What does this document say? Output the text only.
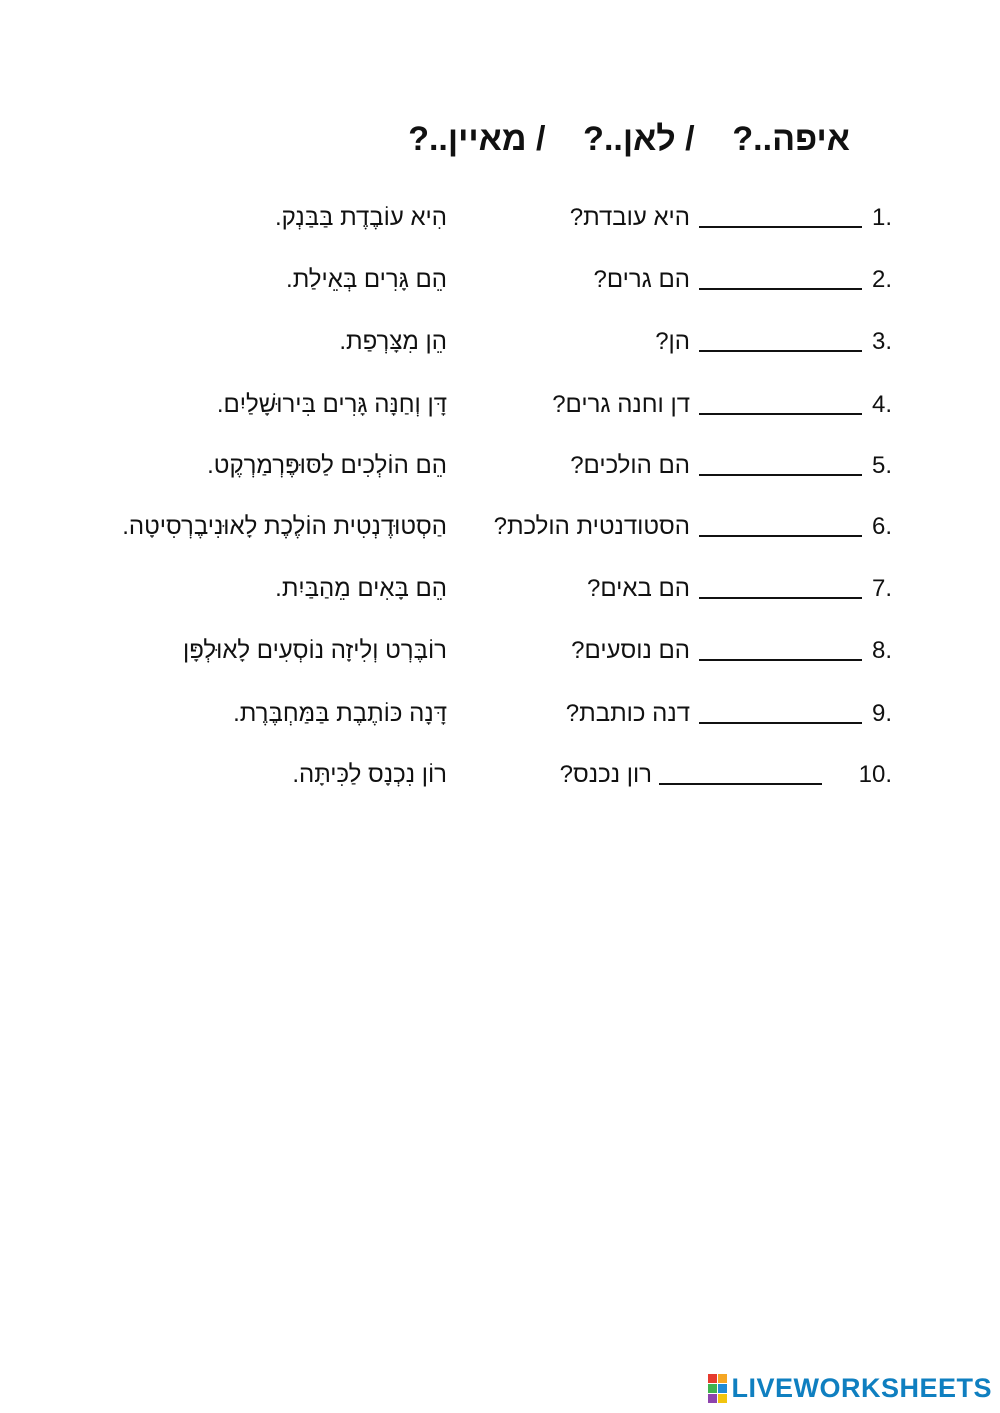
איפה..?    / לאן..?    / מאיין..?
1.
היא עובדת?
הִיא עוֹבֶדֶת בַּבַּנְק.
2.
הם גרים?
הֵם גָּרִים בְּאֵילַת.
3.
הן?
הֵן מִצָּרְפַת.
4.
דן וחנה גרים?
דָּן וְחַנָּה גָּרִים בִּירוּשָׁלַיִם.
5.
הם הולכים?
הֵם הוֹלְכִים לַסּוּפֶּרְמַרְקֶט.
6.
הסטודנטית הולכת?
הַסְטוּדֶנְטִית הוֹלֶכֶת לָאוּנִיבֶרְסִיטָה.
7.
הם באים?
הֵם בָּאִים מֵהַבַּיִת.
8.
הם נוסעים?
רוֹבֶּרְט וְלִיזָה נוֹסְעִים לָאוּלְפָּן
9.
דנה כותבת?
דָּנָה כּוֹתֶבֶת בַּמַּחְבֶּרֶת.
10.
רון נכנס?
רוֹן נִכְנָס לַכִּיתָּה.
LIVEWORKSHEETS
